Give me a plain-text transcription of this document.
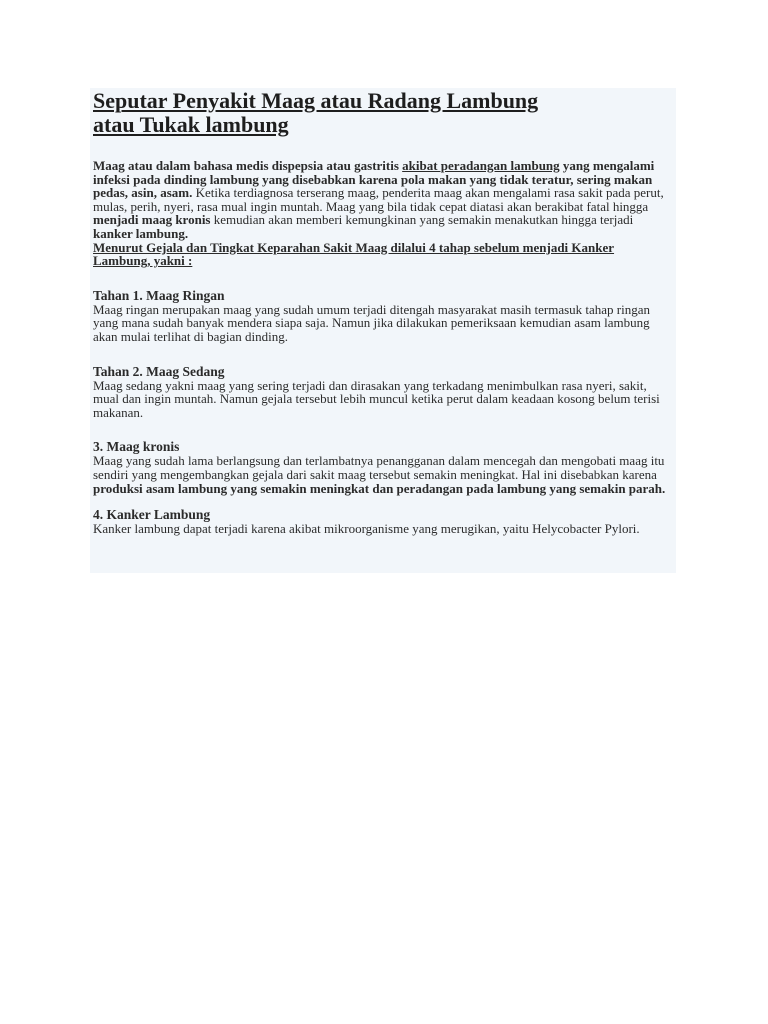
Seputar Penyakit Maag atau Radang Lambung
atau Tukak lambung

Maag atau dalam bahasa medis dispepsia atau gastritis akibat peradangan lambung yang mengalami infeksi pada dinding lambung yang disebabkan karena pola makan yang tidak teratur, sering makan pedas, asin, asam. Ketika terdiagnosa terserang maag, penderita maag akan mengalami rasa sakit pada perut, mulas, perih, nyeri, rasa mual ingin muntah. Maag yang bila tidak cepat diatasi akan berakibat fatal hingga menjadi maag kronis kemudian akan memberi kemungkinan yang semakin menakutkan hingga terjadi kanker lambung.

Menurut Gejala dan Tingkat Keparahan Sakit Maag dilalui 4 tahap sebelum menjadi Kanker Lambung, yakni :

Tahan 1. Maag Ringan

Maag ringan merupakan maag yang sudah umum terjadi ditengah masyarakat masih termasuk tahap ringan yang mana sudah banyak mendera siapa saja. Namun jika dilakukan pemeriksaan kemudian asam lambung akan mulai terlihat di bagian dinding.

Tahan 2. Maag Sedang

Maag sedang yakni maag yang sering terjadi dan dirasakan yang terkadang menimbulkan rasa nyeri, sakit, mual dan ingin muntah. Namun gejala tersebut lebih muncul ketika perut dalam keadaan kosong belum terisi makanan.

3. Maag kronis

Maag yang sudah lama berlangsung dan terlambatnya penangganan dalam mencegah dan mengobati maag itu sendiri yang mengembangkan gejala dari sakit maag tersebut semakin meningkat. Hal ini disebabkan karena produksi asam lambung yang semakin meningkat dan peradangan pada lambung yang semakin parah.

4. Kanker Lambung

Kanker lambung dapat terjadi karena akibat mikroorganisme yang merugikan, yaitu Helycobacter Pylori.
